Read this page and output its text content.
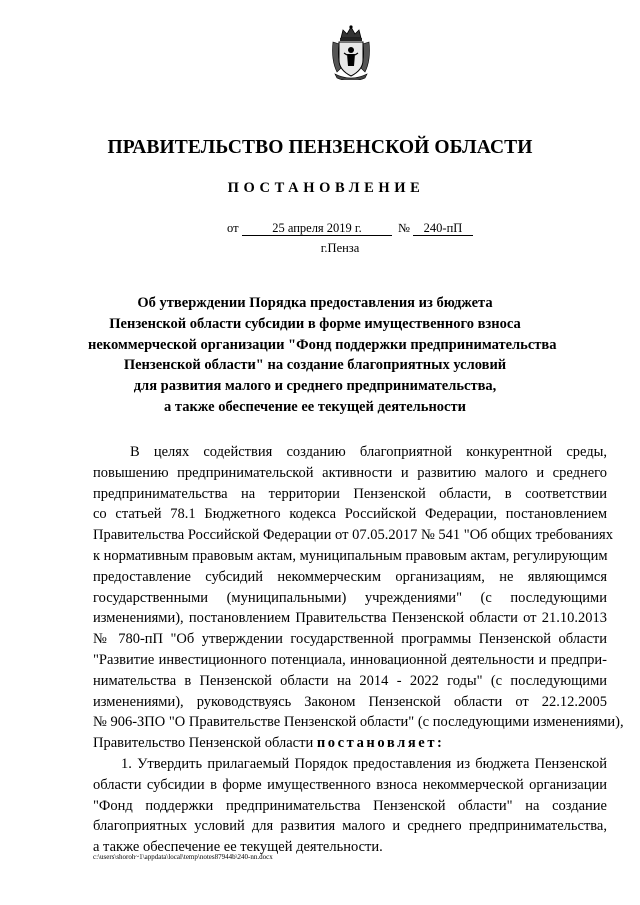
ПРАВИТЕЛЬСТВО ПЕНЗЕНСКОЙ ОБЛАСТИ
ПОСТАНОВЛЕНИЕ
от	25 апреля 2019 г.	№	240-пП
г.Пенза
Об утверждении Порядка предоставления из бюджета
Пензенской области субсидии в форме имущественного взноса
некоммерческой организации "Фонд поддержки предпринимательства
Пензенской области" на создание благоприятных условий
для развития малого и среднего предпринимательства,
а также обеспечение ее текущей деятельности
В целях содействия созданию благоприятной конкурентной среды,
повышению предпринимательской активности и развитию малого и среднего
предпринимательства на территории Пензенской области, в соответствии
со статьей 78.1 Бюджетного кодекса Российской Федерации, постановлением
Правительства Российской Федерации от 07.05.2017 № 541 "Об общих требованиях
к нормативным правовым актам, муниципальным правовым актам, регулирующим
предоставление субсидий некоммерческим организациям, не являющимся
государственными (муниципальными) учреждениями" (с последующими
изменениями), постановлением Правительства Пензенской области от 21.10.2013
№ 780-пП "Об утверждении государственной программы Пензенской области
"Развитие инвестиционного потенциала, инновационной деятельности и предпри-
нимательства в Пензенской области на 2014 - 2022 годы" (с последующими
изменениями), руководствуясь Законом Пензенской области от 22.12.2005
№ 906-ЗПО "О Правительстве Пензенской области" (с последующими изменениями),
Правительство Пензенской области постановляет:
1. Утвердить прилагаемый Порядок предоставления из бюджета Пензенской
области субсидии в форме имущественного взноса некоммерческой организации
"Фонд поддержки предпринимательства Пензенской области" на создание
благоприятных условий для развития малого и среднего предпринимательства,
а также обеспечение ее текущей деятельности.
c:\users\shoroh~1\appdata\local\temp\notes87944b\240-nn.docx
